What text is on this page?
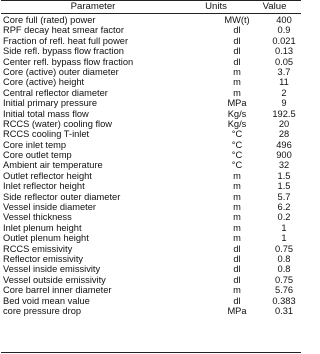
Parameter	Units	Value
Core full (rated) power	MW(t)	400
RPF decay heat smear factor	dl	0.9
Fraction of refl. heat full power	dl	0.021
Side refl. bypass flow fraction	dl	0.13
Center refl. bypass flow fraction	dl	0.05
Core (active) outer diameter	m	3.7
Core (active) height	m	11
Central reflector diameter	m	2
Initial primary pressure	MPa	9
Initial total mass flow	Kg/s	192.5
RCCS (water) cooling flow	Kg/s	20
RCCS cooling T-inlet	°C	28
Core inlet temp	°C	496
Core outlet temp	°C	900
Ambient air temperature	°C	32
Outlet reflector height	m	1.5
Inlet reflector height	m	1.5
Side reflector outer diameter	m	5.7
Vessel inside diameter	m	6.2
Vessel thickness	m	0.2
Inlet plenum height	m	1
Outlet plenum height	m	1
RCCS emissivity	dl	0.75
Reflector emissivity	dl	0.8
Vessel inside emissivity	dl	0.8
Vessel outside emissivity	dl	0.75
Core barrel inner diameter	m	5.76
Bed void mean value	dl	0.383
core pressure drop	MPa	0.31
